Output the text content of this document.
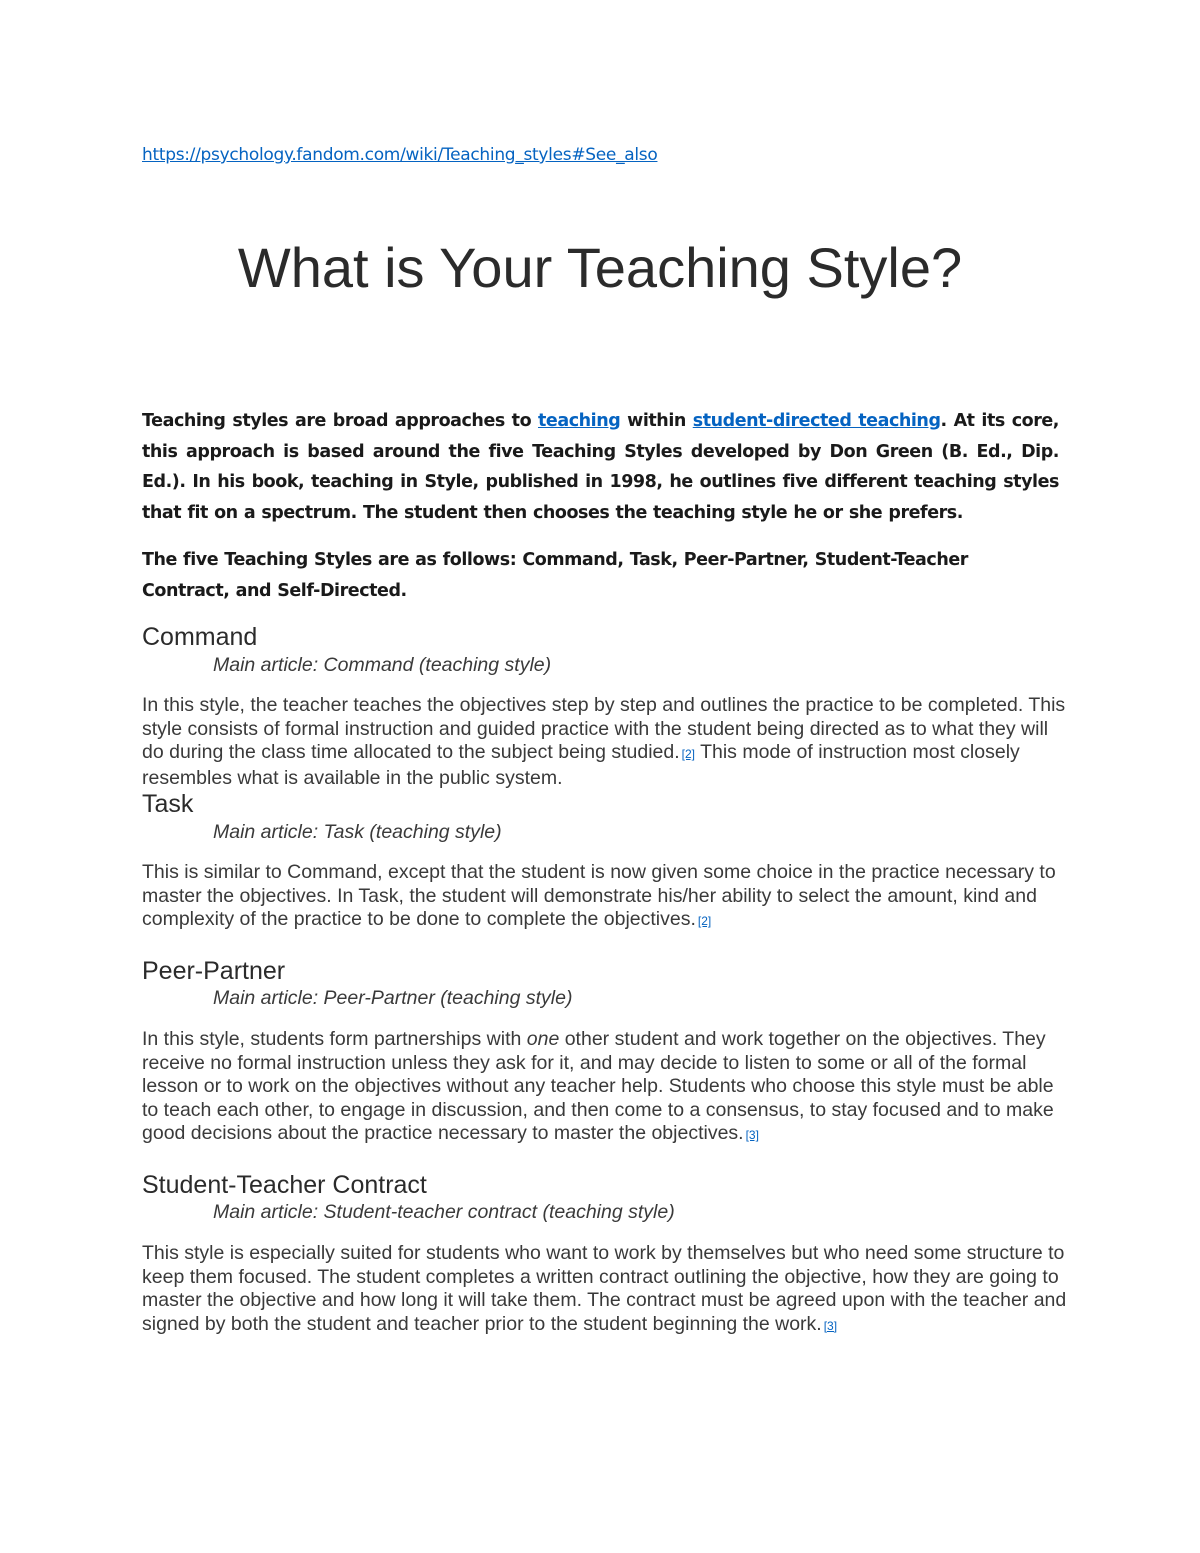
https://psychology.fandom.com/wiki/Teaching_styles#See_also
What is Your Teaching Style?

Teaching styles are broad approaches to teaching within student-directed teaching. At its core, this approach is based around the five Teaching Styles developed by Don Green (B. Ed., Dip. Ed.). In his book, teaching in Style, published in 1998, he outlines five different teaching styles that fit on a spectrum. The student then chooses the teaching style he or she prefers.

The five Teaching Styles are as follows: Command, Task, Peer-Partner, Student-Teacher Contract, and Self-Directed.

Command

Main article: Command (teaching style)

In this style, the teacher teaches the objectives step by step and outlines the practice to be completed. This style consists of formal instruction and guided practice with the student being directed as to what they will do during the class time allocated to the subject being studied. [2] This mode of instruction most closely resembles what is available in the public system.

Task

Main article: Task (teaching style)

This is similar to Command, except that the student is now given some choice in the practice necessary to master the objectives. In Task, the student will demonstrate his/her ability to select the amount, kind and complexity of the practice to be done to complete the objectives. [2]

Peer-Partner

Main article: Peer-Partner (teaching style)

In this style, students form partnerships with one other student and work together on the objectives. They receive no formal instruction unless they ask for it, and may decide to listen to some or all of the formal lesson or to work on the objectives without any teacher help. Students who choose this style must be able to teach each other, to engage in discussion, and then come to a consensus, to stay focused and to make good decisions about the practice necessary to master the objectives. [3]

Student-Teacher Contract

Main article: Student-teacher contract (teaching style)

This style is especially suited for students who want to work by themselves but who need some structure to keep them focused. The student completes a written contract outlining the objective, how they are going to master the objective and how long it will take them. The contract must be agreed upon with the teacher and signed by both the student and teacher prior to the student beginning the work. [3]
